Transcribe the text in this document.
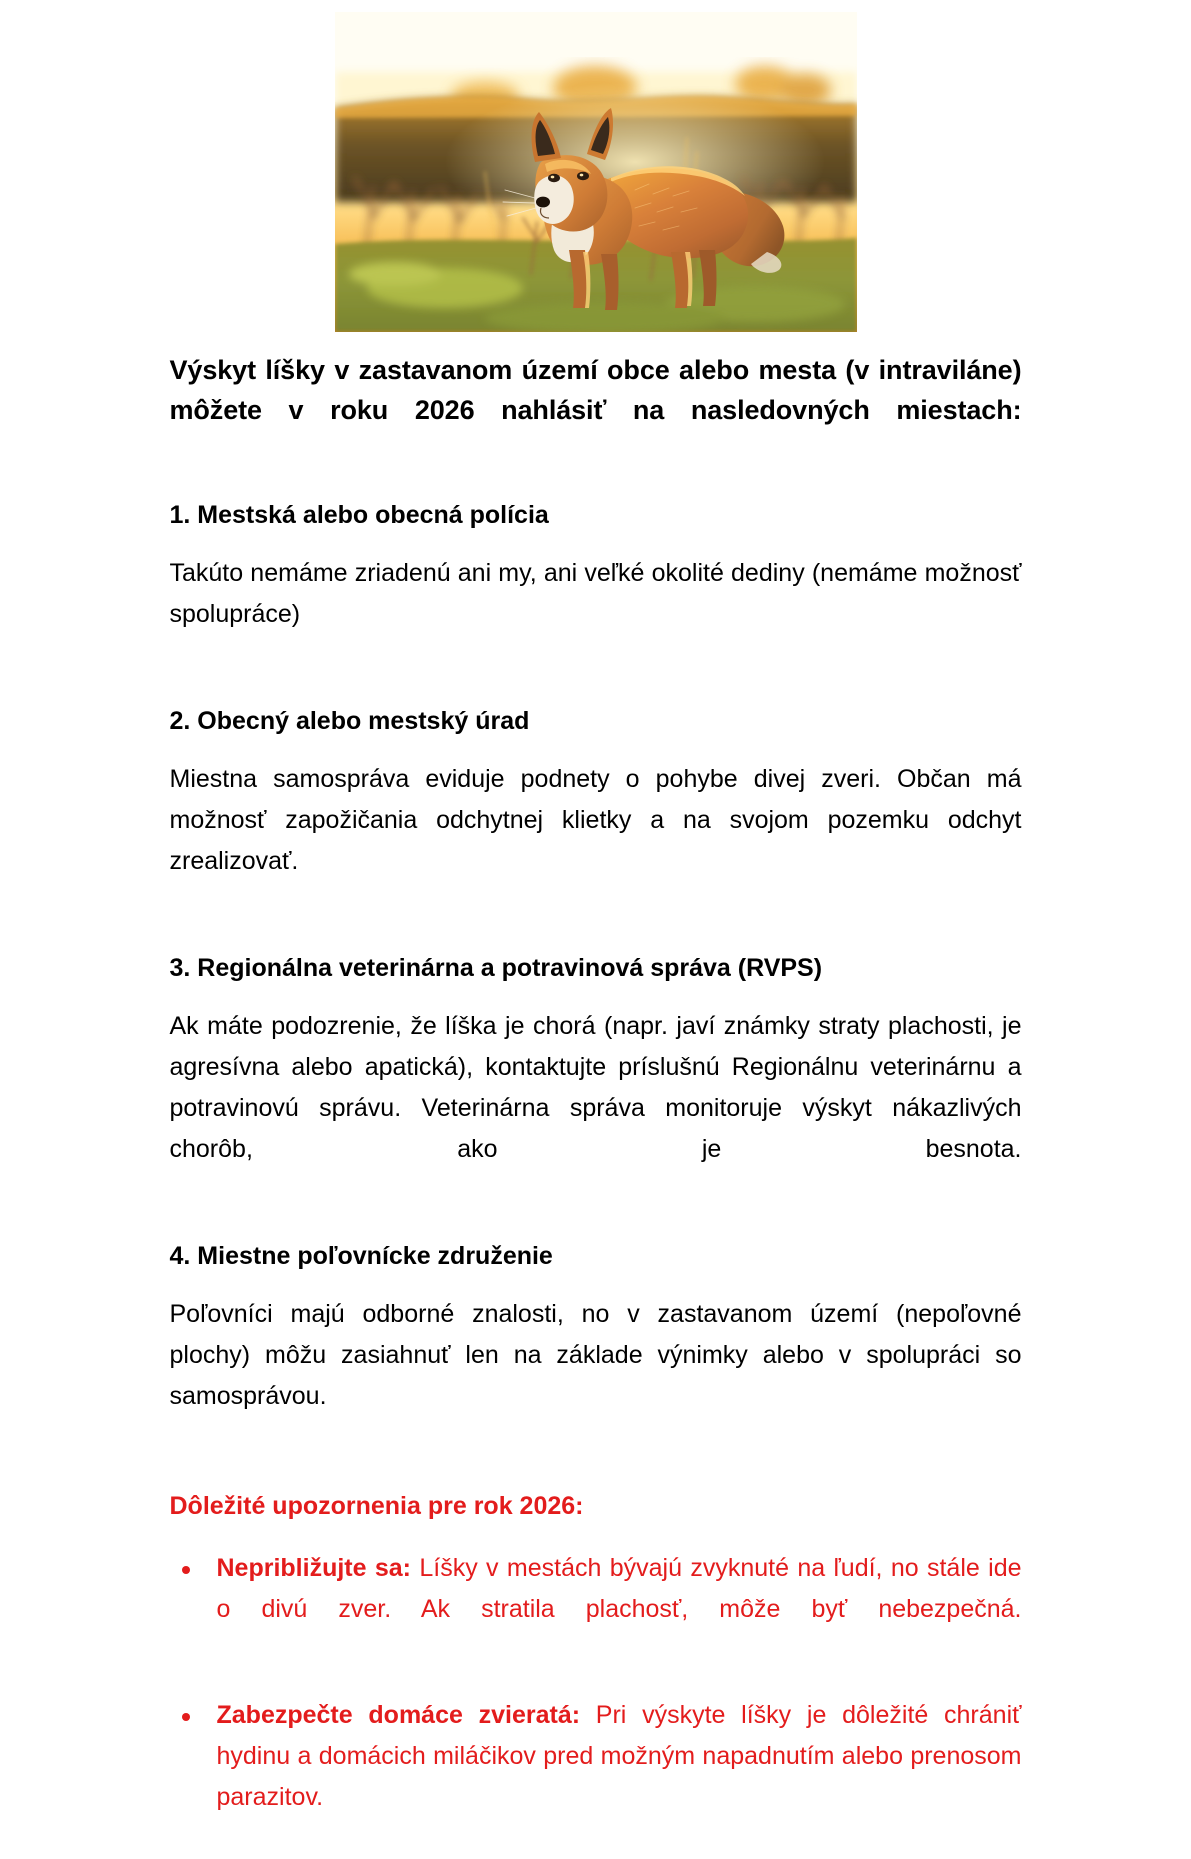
Výskyt líšky v zastavanom území obce alebo mesta (v intraviláne) môžete v roku 2026 nahlásiť na nasledovných miestach:

1. Mestská alebo obecná polícia

Takúto nemáme zriadenú ani my, ani veľké okolité dediny (nemáme možnosť spolupráce)

2. Obecný alebo mestský úrad

Miestna samospráva eviduje podnety o pohybe divej zveri. Občan má možnosť zapožičania odchytnej klietky a na svojom pozemku odchyt zrealizovať.

3. Regionálna veterinárna a potravinová správa (RVPS)

Ak máte podozrenie, že líška je chorá (napr. javí známky straty plachosti, je agresívna alebo apatická), kontaktujte príslušnú Regionálnu veterinárnu a potravinovú správu. Veterinárna správa monitoruje výskyt nákazlivých chorôb, ako je besnota.

4. Miestne poľovnícke združenie

Poľovníci majú odborné znalosti, no v zastavanom území (nepoľovné plochy) môžu zasiahnuť len na základe výnimky alebo v spolupráci so samosprávou.

Dôležité upozornenia pre rok 2026:

Nepribližujte sa: Líšky v mestách bývajú zvyknuté na ľudí, no stále ide o divú zver. Ak stratila plachosť, môže byť nebezpečná.
Zabezpečte domáce zvieratá: Pri výskyte líšky je dôležité chrániť hydinu a domácich miláčikov pred možným napadnutím alebo prenosom parazitov.
